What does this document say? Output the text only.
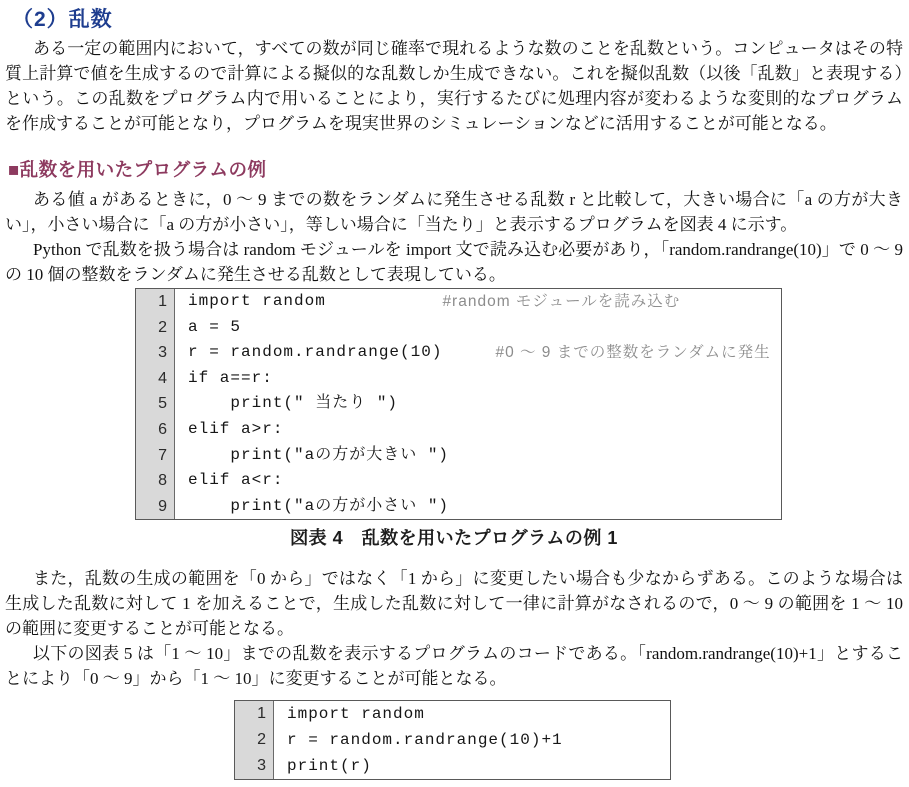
（2）乱数

ある一定の範囲内において，すべての数が同じ確率で現れるような数のことを乱数という。コンピュータはその特質上計算で値を生成するので計算による擬似的な乱数しか生成できない。これを擬似乱数（以後「乱数」と表現する）という。この乱数をプログラム内で用いることにより，実行するたびに処理内容が変わるような変則的なプログラムを作成することが可能となり，プログラムを現実世界のシミュレーションなどに活用することが可能となる。

■乱数を用いたプログラムの例

ある値 a があるときに，0 ～ 9 までの数をランダムに発生させる乱数 r と比較して，大きい場合に「a の方が大きい」，小さい場合に「a の方が小さい」，等しい場合に「当たり」と表示するプログラムを図表 4 に示す。

Python で乱数を扱う場合は random モジュールを import 文で読み込む必要があり，「random.randrange(10)」で 0 ～ 9 の 10 個の整数をランダムに発生させる乱数として表現している。

1	import random #random モジュールを読み込む
2	a = 5
3	r = random.randrange(10) #0 ～ 9 までの整数をランダムに発生
4	if a==r:
5	print(" 当たり ")
6	elif a>r:
7	print("aの方が大きい ")
8	elif a<r:
9	print("aの方が小さい ")
図表 4　乱数を用いたプログラムの例 1

また，乱数の生成の範囲を「0 から」ではなく「1 から」に変更したい場合も少なからずある。このような場合は生成した乱数に対して 1 を加えることで，生成した乱数に対して一律に計算がなされるので，0 ～ 9 の範囲を 1 ～ 10 の範囲に変更することが可能となる。

以下の図表 5 は「1 ～ 10」までの乱数を表示するプログラムのコードである。「random.randrange(10)+1」とすることにより「0 ～ 9」から「1 ～ 10」に変更することが可能となる。

1	import random
2	r = random.randrange(10)+1
3	print(r)
